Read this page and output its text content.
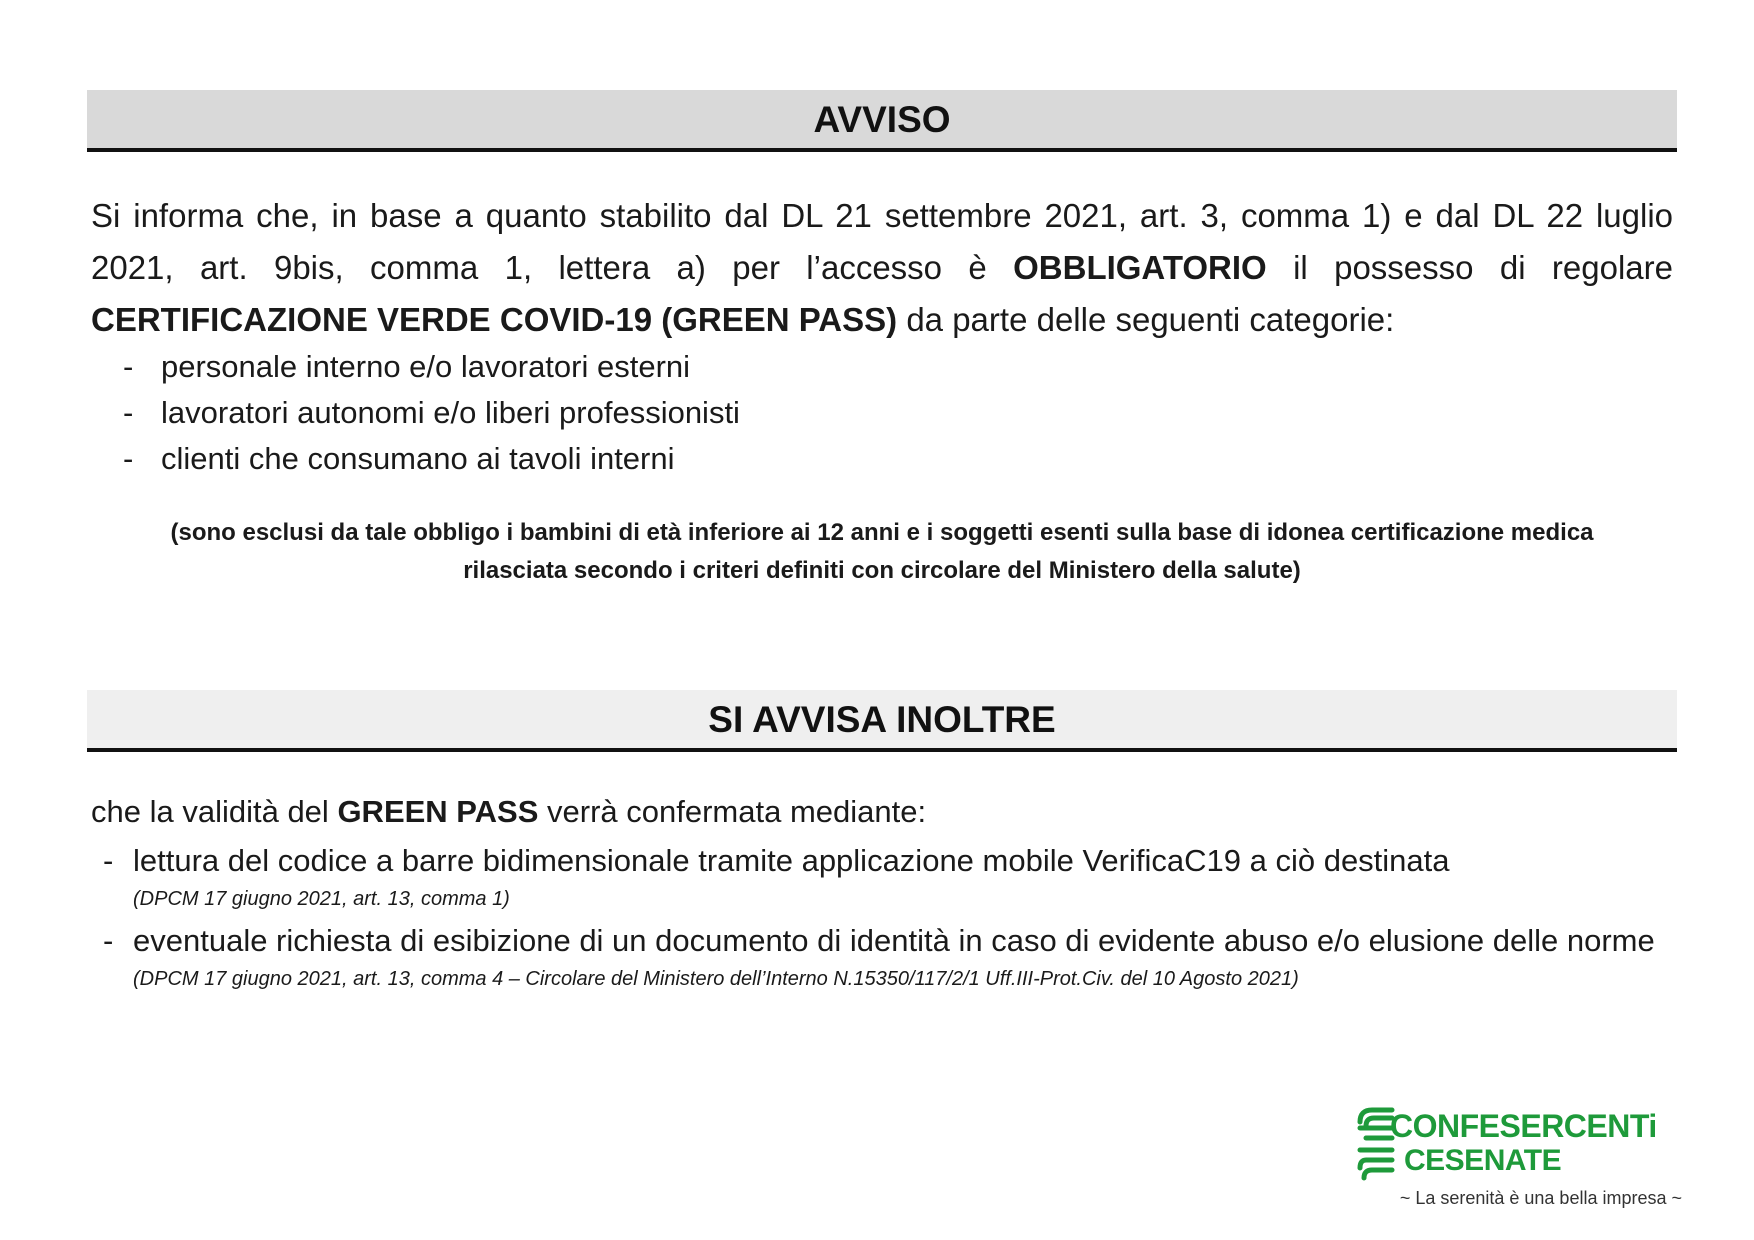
AVVISO

Si informa che, in base a quanto stabilito dal DL 21 settembre 2021, art. 3, comma 1) e dal DL 22 luglio 2021, art. 9bis, comma 1, lettera a) per l’accesso è OBBLIGATORIO il possesso di regolare CERTIFICAZIONE VERDE COVID-19 (GREEN PASS) da parte delle seguenti categorie:

- personale interno e/o lavoratori esterni
- lavoratori autonomi e/o liberi professionisti
- clienti che consumano ai tavoli interni

(sono esclusi da tale obbligo i bambini di età inferiore ai 12 anni e i soggetti esenti sulla base di idonea certificazione medica
rilasciata secondo i criteri definiti con circolare del Ministero della salute)

SI AVVISA INOLTRE

che la validità del GREEN PASS verrà confermata mediante:

- lettura del codice a barre bidimensionale tramite applicazione mobile VerificaC19 a ciò destinata
(DPCM 17 giugno 2021, art. 13, comma 1)
- eventuale richiesta di esibizione di un documento di identità in caso di evidente abuso e/o elusione delle norme
(DPCM 17 giugno 2021, art. 13, comma 4 – Circolare del Ministero dell’Interno N.15350/117/2/1 Uff.III-Prot.Civ. del 10 Agosto 2021)
CONFESERCENTi
CESENATE
~ La serenità è una bella impresa ~
